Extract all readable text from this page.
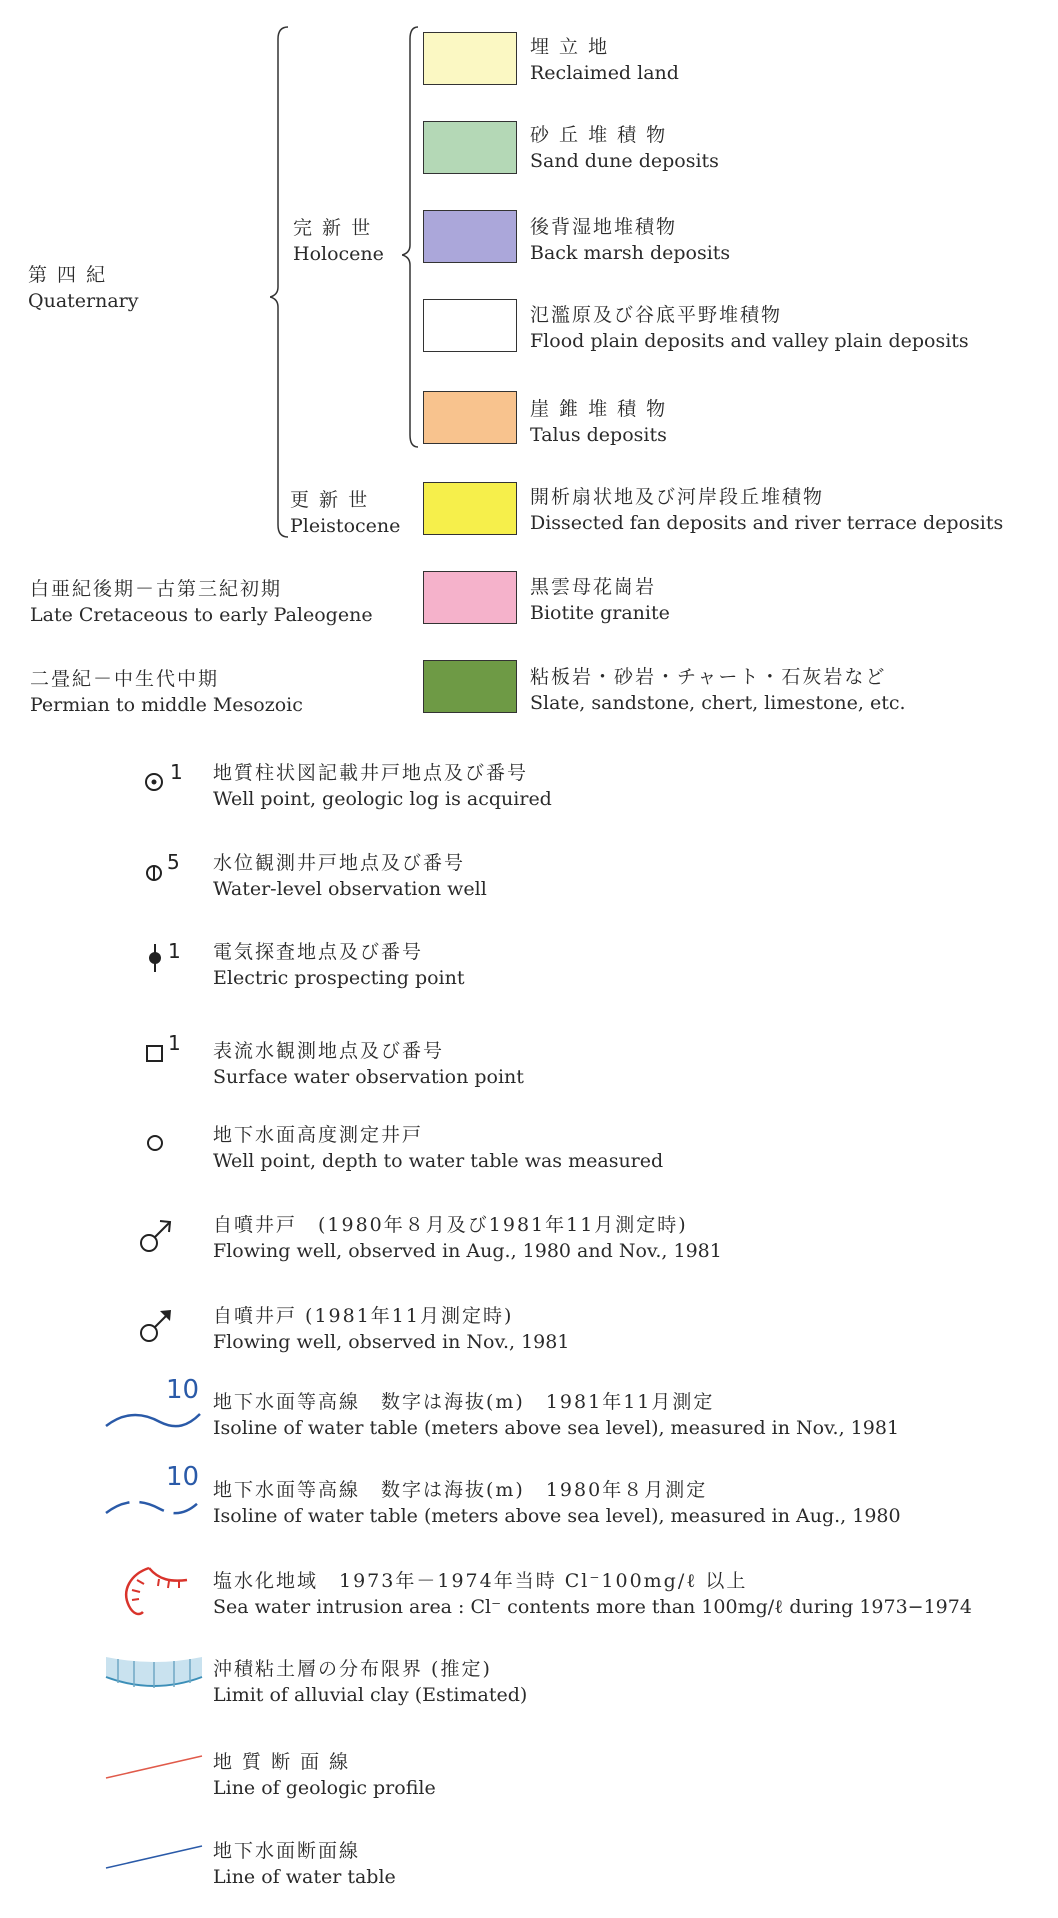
第 四 紀
Quaternary
完 新 世
Holocene
更 新 世
Pleistocene
白亜紀後期－古第三紀初期
Late Cretaceous to early Paleogene
二畳紀－中生代中期
Permian to middle Mesozoic
埋 立 地
Reclaimed land
砂 丘 堆 積 物
Sand dune deposits
後背湿地堆積物
Back marsh deposits
氾濫原及び谷底平野堆積物
Flood plain deposits and valley plain deposits
崖 錐 堆 積 物
Talus deposits
開析扇状地及び河岸段丘堆積物
Dissected fan deposits and river terrace deposits
黒雲母花崗岩
Biotite granite
粘板岩・砂岩・チャート・石灰岩など
Slate, sandstone, chert, limestone, etc.
1 地質柱状図記載井戸地点及び番号
Well point, geologic log is acquired
5 水位観測井戸地点及び番号
Water-level observation well
1 電気探査地点及び番号
Electric prospecting point
1 表流水観測地点及び番号
Surface water observation point
地下水面高度測定井戸
Well point, depth to water table was measured
自噴井戸　(1980年８月及び1981年11月測定時)
Flowing well, observed in Aug., 1980 and Nov., 1981
自噴井戸 (1981年11月測定時)
Flowing well, observed in Nov., 1981
10 地下水面等高線　数字は海抜(m)　1981年11月測定
Isoline of water table (meters above sea level), measured in Nov., 1981
10 地下水面等高線　数字は海抜(m)　1980年８月測定
Isoline of water table (meters above sea level), measured in Aug., 1980
塩水化地域　1973年－1974年当時 Cl⁻100mg/ℓ 以上
Sea water intrusion area : Cl⁻ contents more than 100mg/ℓ during 1973−1974
沖積粘土層の分布限界 (推定)
Limit of alluvial clay (Estimated)
地 質 断 面 線
Line of geologic profile
地下水面断面線
Line of water table
